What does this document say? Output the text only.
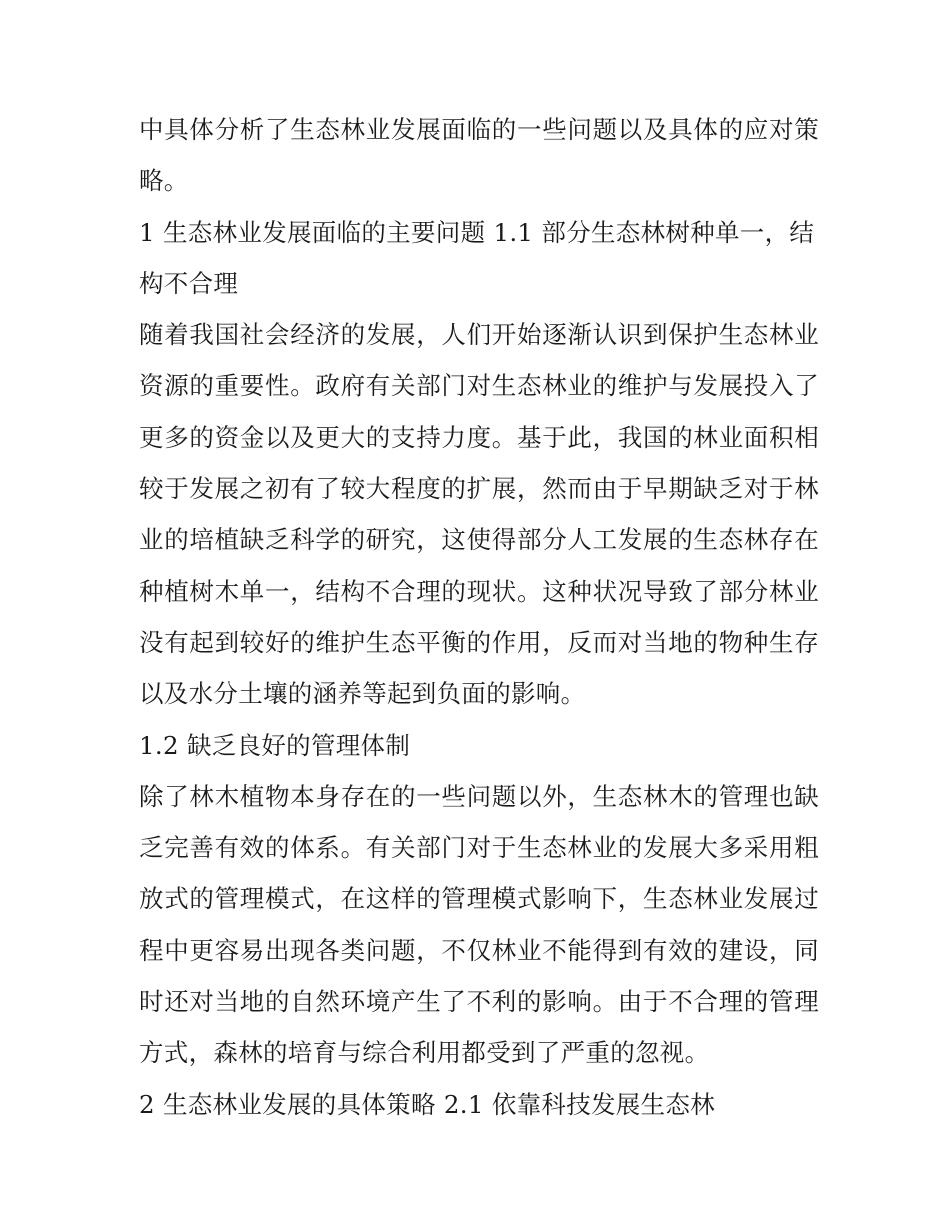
中具体分析了生态林业发展面临的一些问题以及具体的应对策略。

1 生态林业发展面临的主要问题 1.1 部分生态林树种单一，结构不合理

随着我国社会经济的发展，人们开始逐渐认识到保护生态林业资源的重要性。政府有关部门对生态林业的维护与发展投入了更多的资金以及更大的支持力度。基于此，我国的林业面积相较于发展之初有了较大程度的扩展，然而由于早期缺乏对于林业的培植缺乏科学的研究，这使得部分人工发展的生态林存在种植树木单一，结构不合理的现状。这种状况导致了部分林业没有起到较好的维护生态平衡的作用，反而对当地的物种生存以及水分土壤的涵养等起到负面的影响。

1.2 缺乏良好的管理体制

除了林木植物本身存在的一些问题以外，生态林木的管理也缺乏完善有效的体系。有关部门对于生态林业的发展大多采用粗放式的管理模式，在这样的管理模式影响下，生态林业发展过程中更容易出现各类问题，不仅林业不能得到有效的建设，同时还对当地的自然环境产生了不利的影响。由于不合理的管理方式，森林的培育与综合利用都受到了严重的忽视。

2 生态林业发展的具体策略 2.1 依靠科技发展生态林
